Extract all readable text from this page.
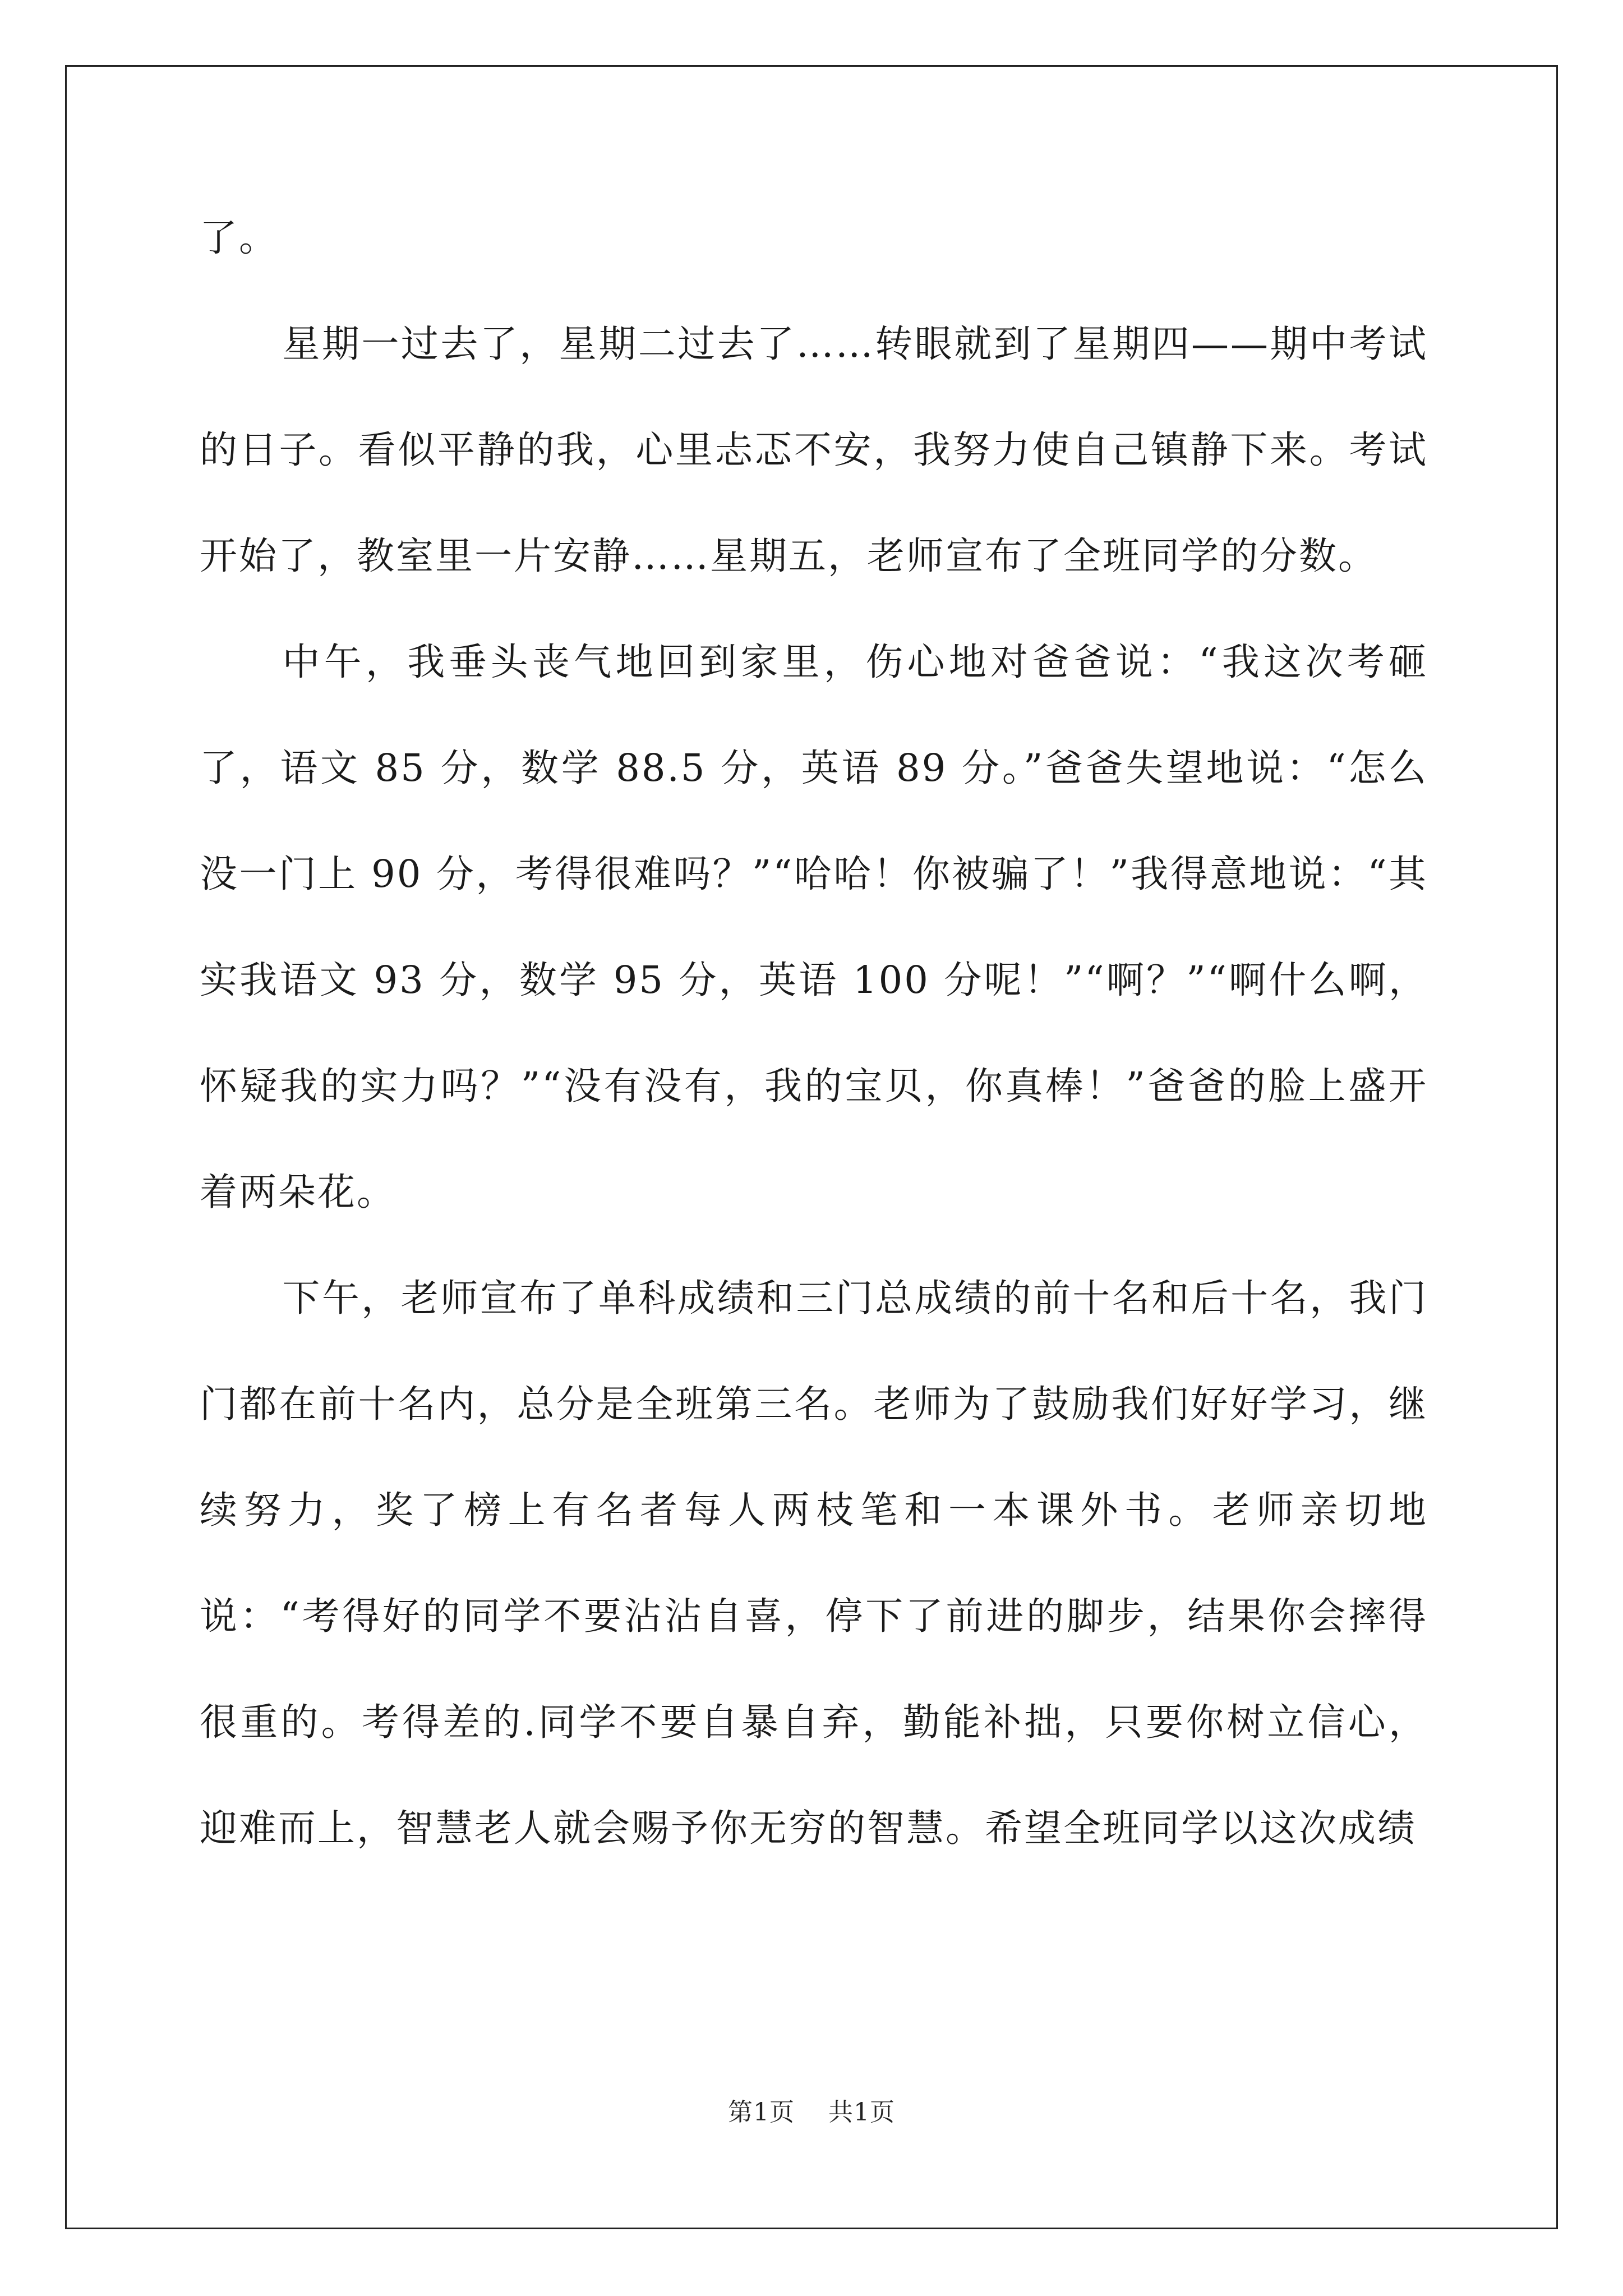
了。

星期一过去了，星期二过去了……转眼就到了星期四——期中考试的日子。看似平静的我，心里忐忑不安，我努力使自己镇静下来。考试开始了，教室里一片安静……星期五，老师宣布了全班同学的分数。

中午，我垂头丧气地回到家里，伤心地对爸爸说：“我这次考砸了，语文 85 分，数学 88.5 分，英语 89 分。”爸爸失望地说：“怎么没一门上 90 分，考得很难吗？”“哈哈！你被骗了！”我得意地说：“其实我语文 93 分，数学 95 分，英语 100 分呢！”“啊？”“啊什么啊，怀疑我的实力吗？”“没有没有，我的宝贝，你真棒！”爸爸的脸上盛开着两朵花。

下午，老师宣布了单科成绩和三门总成绩的前十名和后十名，我门门都在前十名内，总分是全班第三名。老师为了鼓励我们好好学习，继续努力，奖了榜上有名者每人两枝笔和一本课外书。老师亲切地说：“考得好的同学不要沾沾自喜，停下了前进的脚步，结果你会摔得很重的。考得差的.同学不要自暴自弃，勤能补拙，只要你树立信心，迎难而上，智慧老人就会赐予你无穷的智慧。希望全班同学以这次成绩

第1页 共1页
